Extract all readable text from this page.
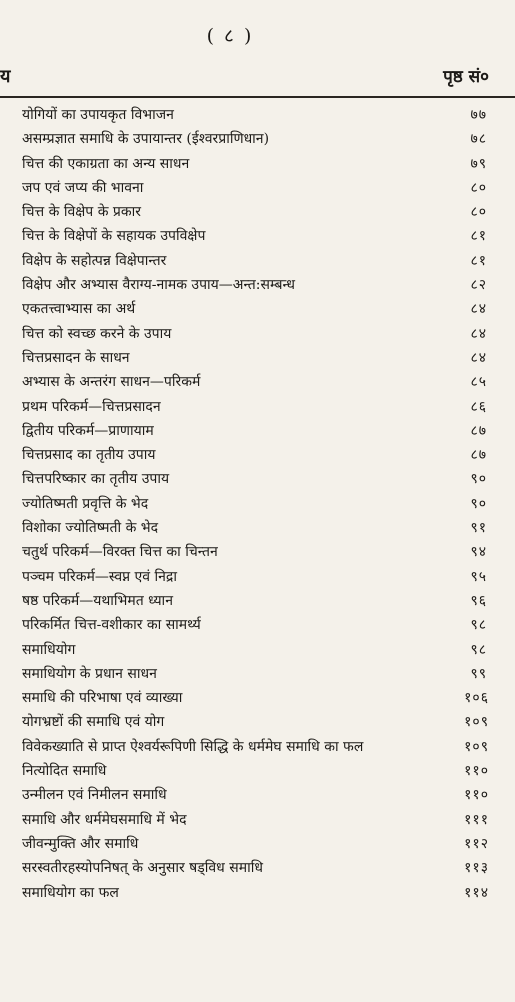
( ८ )
य	पृष्ठ सं०
योगियों का उपायकृत विभाजन	७७
असम्प्रज्ञात समाधि के उपायान्तर (ईश्वरप्राणिधान)	७८
चित्त की एकाग्रता का अन्य साधन	७९
जप एवं जप्य की भावना	८०
चित्त के विक्षेप के प्रकार	८०
चित्त के विक्षेपों के सहायक उपविक्षेप	८१
विक्षेप के सहोत्पन्न विक्षेपान्तर	८१
विक्षेप और अभ्यास वैराग्य-नामक उपाय—अन्त:सम्बन्ध	८२
एकतत्त्वाभ्यास का अर्थ	८४
चित्त को स्वच्छ करने के उपाय	८४
चित्तप्रसादन के साधन	८४
अभ्यास के अन्तरंग साधन—परिकर्म	८५
प्रथम परिकर्म—चित्तप्रसादन	८६
द्वितीय परिकर्म—प्राणायाम	८७
चित्तप्रसाद का तृतीय उपाय	८७
चित्तपरिष्कार का तृतीय उपाय	९०
ज्योतिष्मती प्रवृत्ति के भेद	९०
विशोका ज्योतिष्मती के भेद	९१
चतुर्थ परिकर्म—विरक्त चित्त का चिन्तन	९४
पञ्चम परिकर्म—स्वप्न एवं निद्रा	९५
षष्ठ परिकर्म—यथाभिमत ध्यान	९६
परिकर्मित चित्त-वशीकार का सामर्थ्य	९८
समाधियोग	९८
समाधियोग के प्रधान साधन	९९
समाधि की परिभाषा एवं व्याख्या	१०६
योगभ्रष्टों की समाधि एवं योग	१०९
विवेकख्याति से प्राप्त ऐश्वर्यरूपिणी सिद्धि के धर्ममेघ समाधि का फल	१०९
नित्योदित समाधि	११०
उन्मीलन एवं निमीलन समाधि	११०
समाधि और धर्ममेघसमाधि में भेद	१११
जीवन्मुक्ति और समाधि	११२
सरस्वतीरहस्योपनिषत् के अनुसार षड्विध समाधि	११३
समाधियोग का फल	११४
